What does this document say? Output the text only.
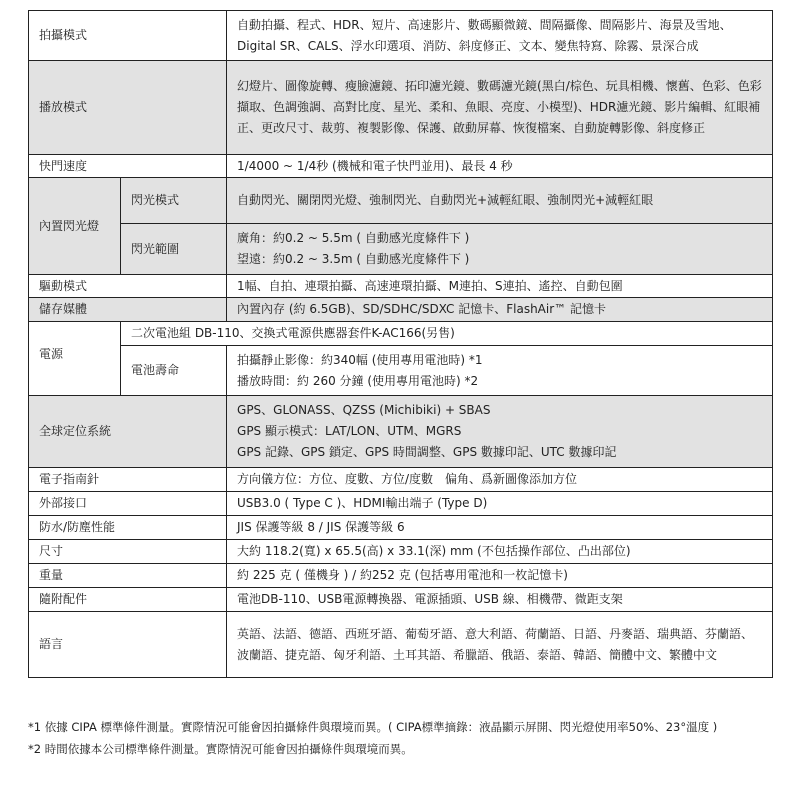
拍攝模式		自動拍攝、程式、HDR、短片、高速影片、數碼顯微鏡、間隔攝像、間隔影片、海景及雪地、Digital SR、CALS、浮水印選項、消防、斜度修正、文本、變焦特寫、除霧、景深合成
播放模式		幻燈片、圖像旋轉、瘦臉濾鏡、拓印濾光鏡、數碼濾光鏡(黑白/棕色、玩具相機、懷舊、色彩、色彩擷取、色調強調、高對比度、星光、柔和、魚眼、亮度、小模型)、HDR濾光鏡、影片編輯、紅眼補正、更改尺寸、裁剪、複製影像、保護、啟動屏幕、恢復檔案、自動旋轉影像、斜度修正
快門速度		1/4000 ~ 1/4秒 (機械和電子快門並用)、最長 4 秒
內置閃光燈	閃光模式	自動閃光、關閉閃光燈、強制閃光、自動閃光+減輕紅眼、強制閃光+減輕紅眼
	閃光範圍	廣角：約0.2 ~ 5.5m ( 自動感光度條件下 )
望遠：約0.2 ~ 3.5m ( 自動感光度條件下 )

驅動模式		1幅、自拍、連環拍攝、高速連環拍攝、M連拍、S連拍、遙控、自動包圍
儲存媒體		內置內存 (約 6.5GB)、SD/SDHC/SDXC 記憶卡、FlashAir™ 記憶卡
電源	二次電池組 DB-110、交換式電源供應器套件K-AC166(另售)	
	電池壽命	拍攝靜止影像：約340幅 (使用專用電池時) *1
播放時間：約 260 分鐘 (使用專用電池時) *2

全球定位系統		GPS、GLONASS、QZSS (Michibiki) + SBAS
GPS 顯示模式：LAT/LON、UTM、MGRS
GPS 記錄、GPS 鎖定、GPS 時間調整、GPS 數據印記、UTC 數據印記

電子指南針		方向儀方位：方位、度數、方位/度數　偏角、爲新圖像添加方位
外部接口		USB3.0 ( Type C )、HDMI輸出端子 (Type D)
防水/防塵性能		JIS 保護等級 8 / JIS 保護等級 6
尺寸		大約 118.2(寬) x 65.5(高) x 33.1(深) mm (不包括操作部位、凸出部位)
重量		約 225 克 ( 僅機身 ) / 約252 克 (包括專用電池和一枚記憶卡)
隨附配件		電池DB-110、USB電源轉換器、電源插頭、USB 線、相機帶、微距支架
語言		英語、法語、德語、西班牙語、葡萄牙語、意大利語、荷蘭語、日語、丹麥語、瑞典語、芬蘭語、波蘭語、捷克語、匈牙利語、土耳其語、希臘語、俄語、泰語、韓語、簡體中文、繁體中文
*1 依據 CIPA 標準條件測量。實際情況可能會因拍攝條件與環境而異。( CIPA標準摘錄：液晶顯示屏開、閃光燈使用率50%、23°溫度 )
*2 時間依據本公司標準條件測量。實際情況可能會因拍攝條件與環境而異。
